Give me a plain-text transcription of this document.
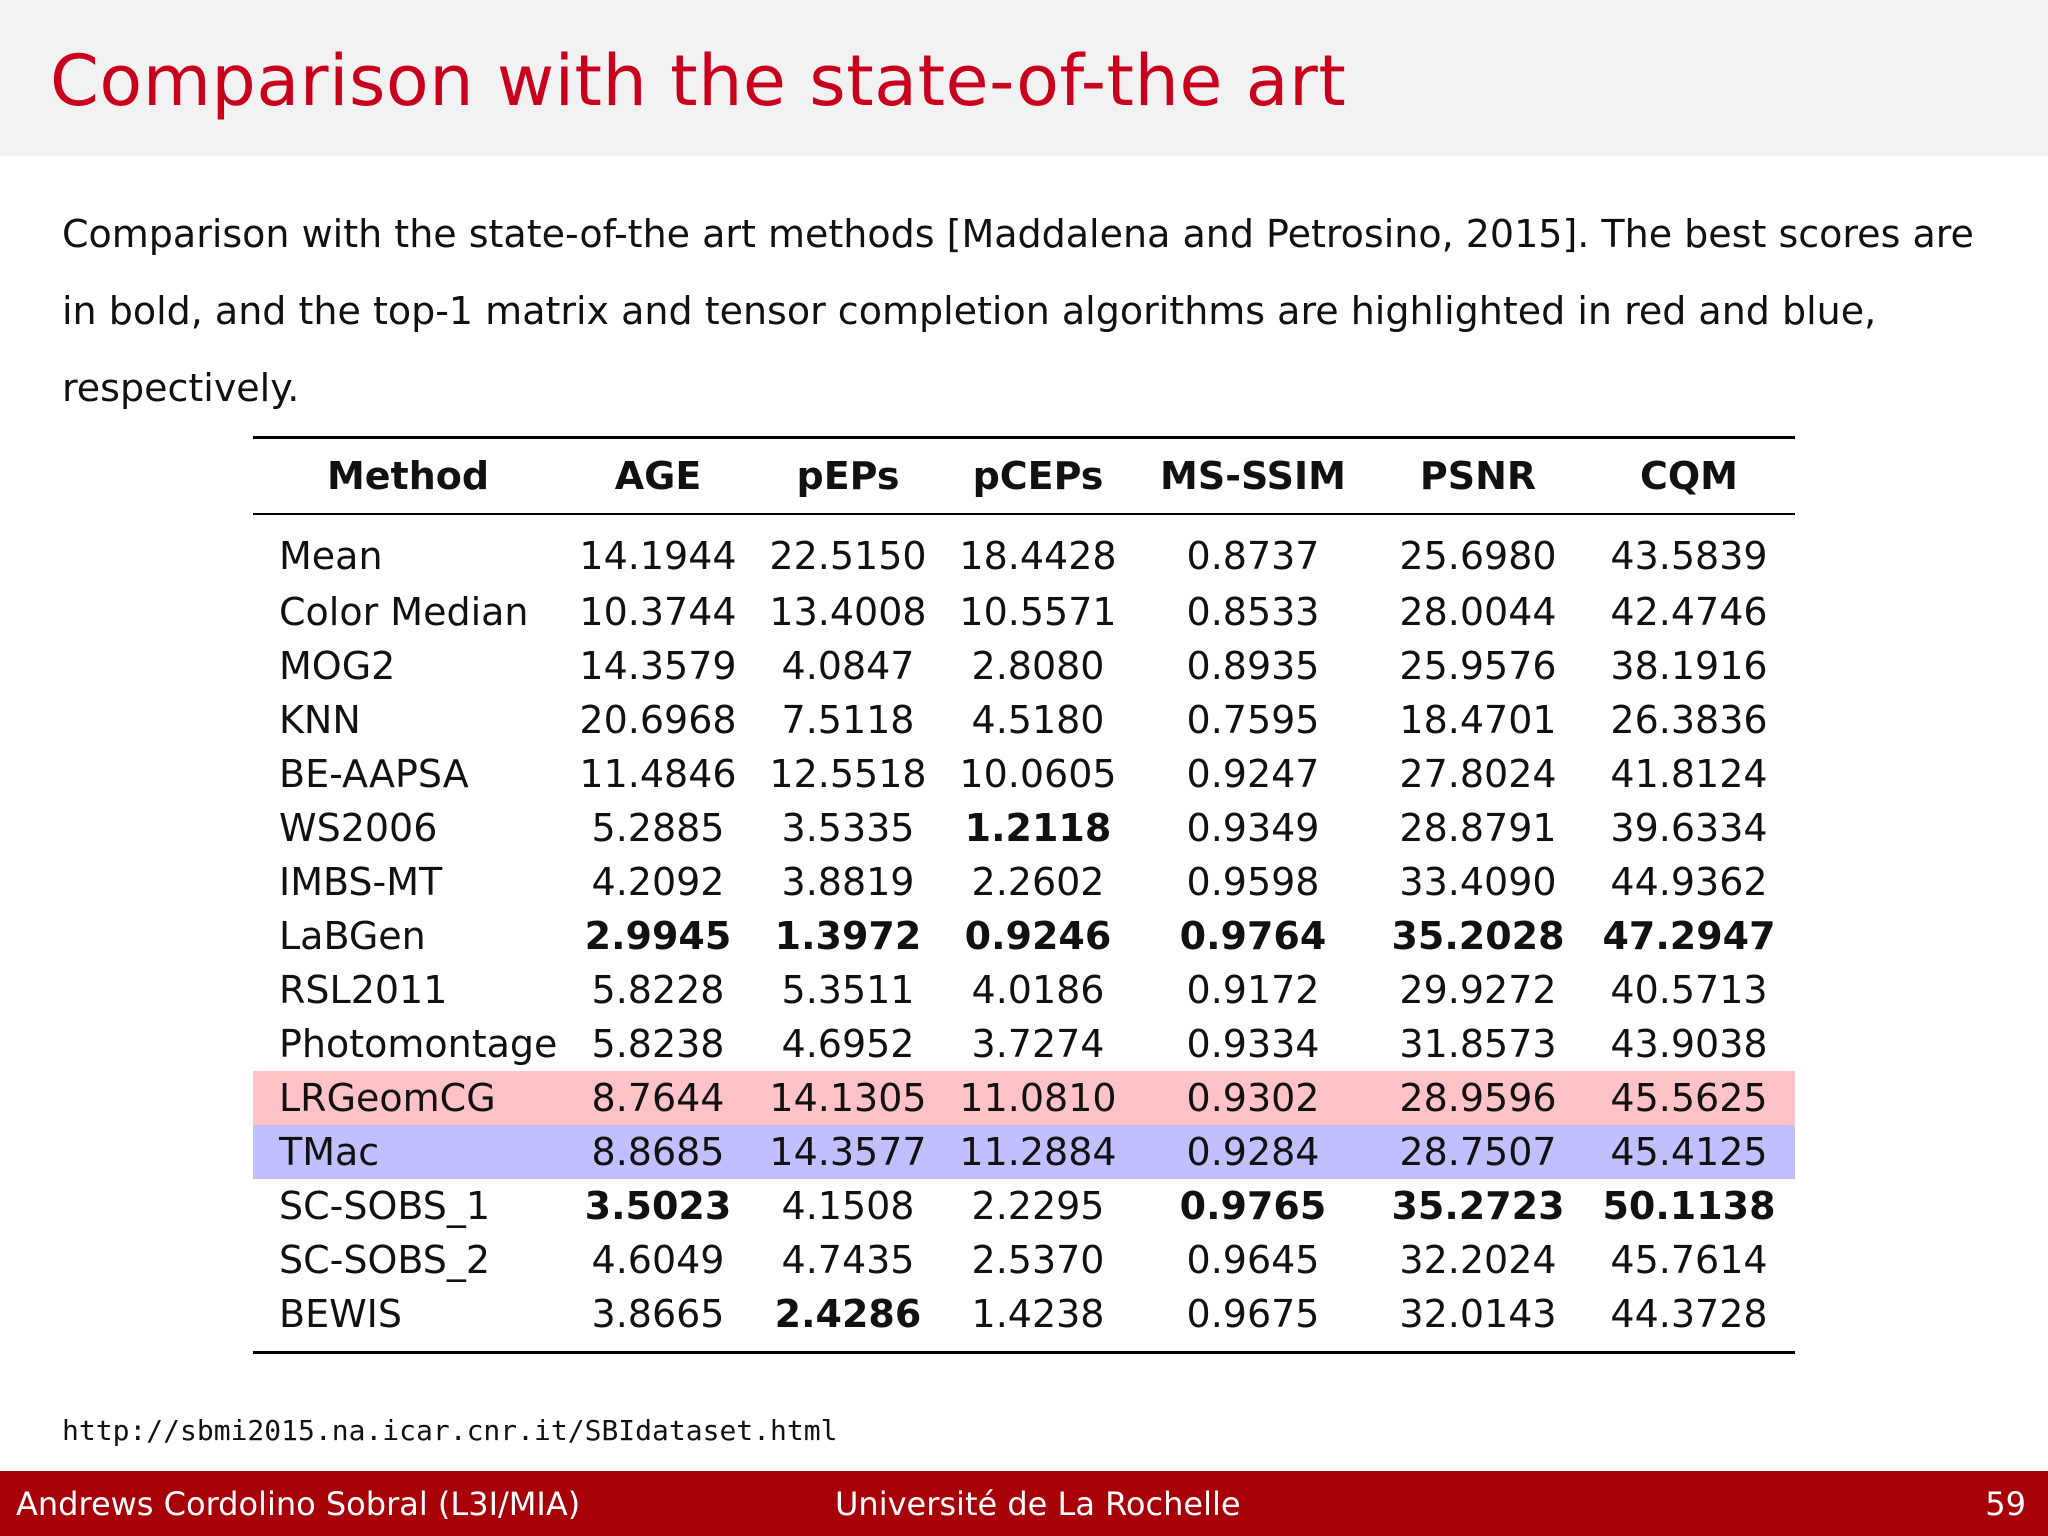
Comparison with the state-of-the art
Comparison with the state-of-the art methods [Maddalena and Petrosino, 2015]. The best scores are in bold, and the top-1 matrix and tensor completion algorithms are highlighted in red and blue, respectively.
Method	AGE	pEPs	pCEPs	MS-SSIM	PSNR	CQM
Mean	14.1944	22.5150	18.4428	0.8737	25.6980	43.5839
Color Median	10.3744	13.4008	10.5571	0.8533	28.0044	42.4746
MOG2	14.3579	4.0847	2.8080	0.8935	25.9576	38.1916
KNN	20.6968	7.5118	4.5180	0.7595	18.4701	26.3836
BE-AAPSA	11.4846	12.5518	10.0605	0.9247	27.8024	41.8124
WS2006	5.2885	3.5335	1.2118	0.9349	28.8791	39.6334
IMBS-MT	4.2092	3.8819	2.2602	0.9598	33.4090	44.9362
LaBGen	2.9945	1.3972	0.9246	0.9764	35.2028	47.2947
RSL2011	5.8228	5.3511	4.0186	0.9172	29.9272	40.5713
Photomontage	5.8238	4.6952	3.7274	0.9334	31.8573	43.9038
LRGeomCG	8.7644	14.1305	11.0810	0.9302	28.9596	45.5625
TMac	8.8685	14.3577	11.2884	0.9284	28.7507	45.4125
SC-SOBS_1	3.5023	4.1508	2.2295	0.9765	35.2723	50.1138
SC-SOBS_2	4.6049	4.7435	2.5370	0.9645	32.2024	45.7614
BEWIS	3.8665	2.4286	1.4238	0.9675	32.0143	44.3728
http://sbmi2015.na.icar.cnr.it/SBIdataset.html
Andrews Cordolino Sobral (L3I/MIA)	Université de La Rochelle	59
